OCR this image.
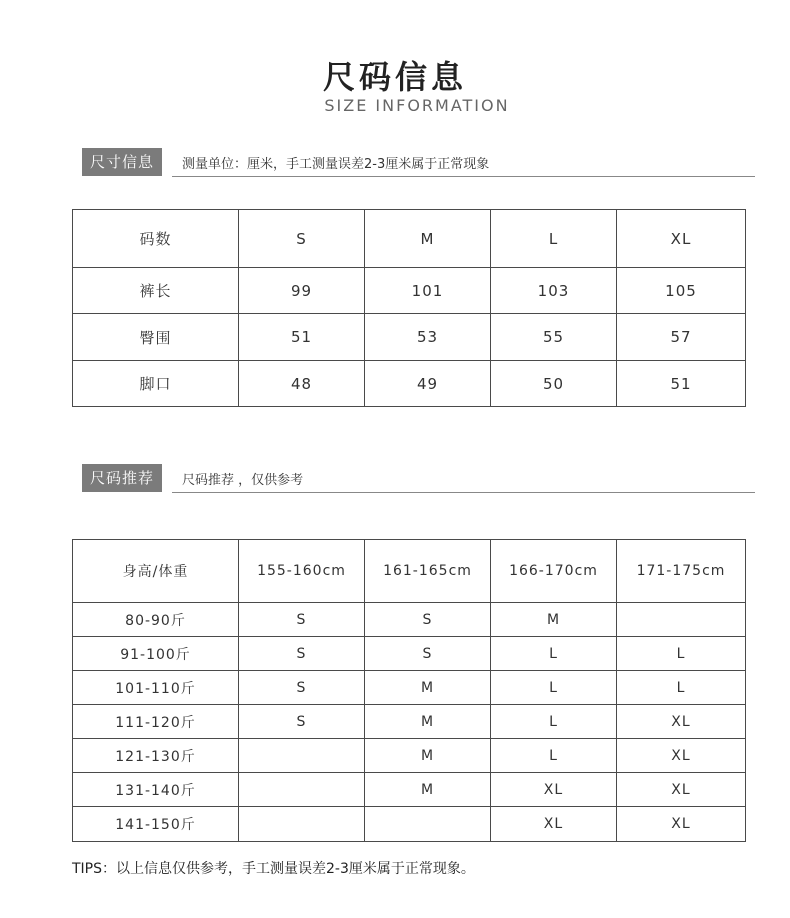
尺码信息
SIZE INFORMATION
尺寸信息	测量单位：厘米，手工测量误差2-3厘米属于正常现象
码数	S	M	L	XL
裤长	99	101	103	105
臀围	51	53	55	57
脚口	48	49	50	51
尺码推荐	尺码推荐 ，仅供参考
身高/体重	155-160cm	161-165cm	166-170cm	171-175cm
80-90斤	S	S	M	
91-100斤	S	S	L	L
101-110斤	S	M	L	L
111-120斤	S	M	L	XL
121-130斤		M	L	XL
131-140斤		M	XL	XL
141-150斤			XL	XL
TIPS：以上信息仅供参考，手工测量误差2-3厘米属于正常现象。
